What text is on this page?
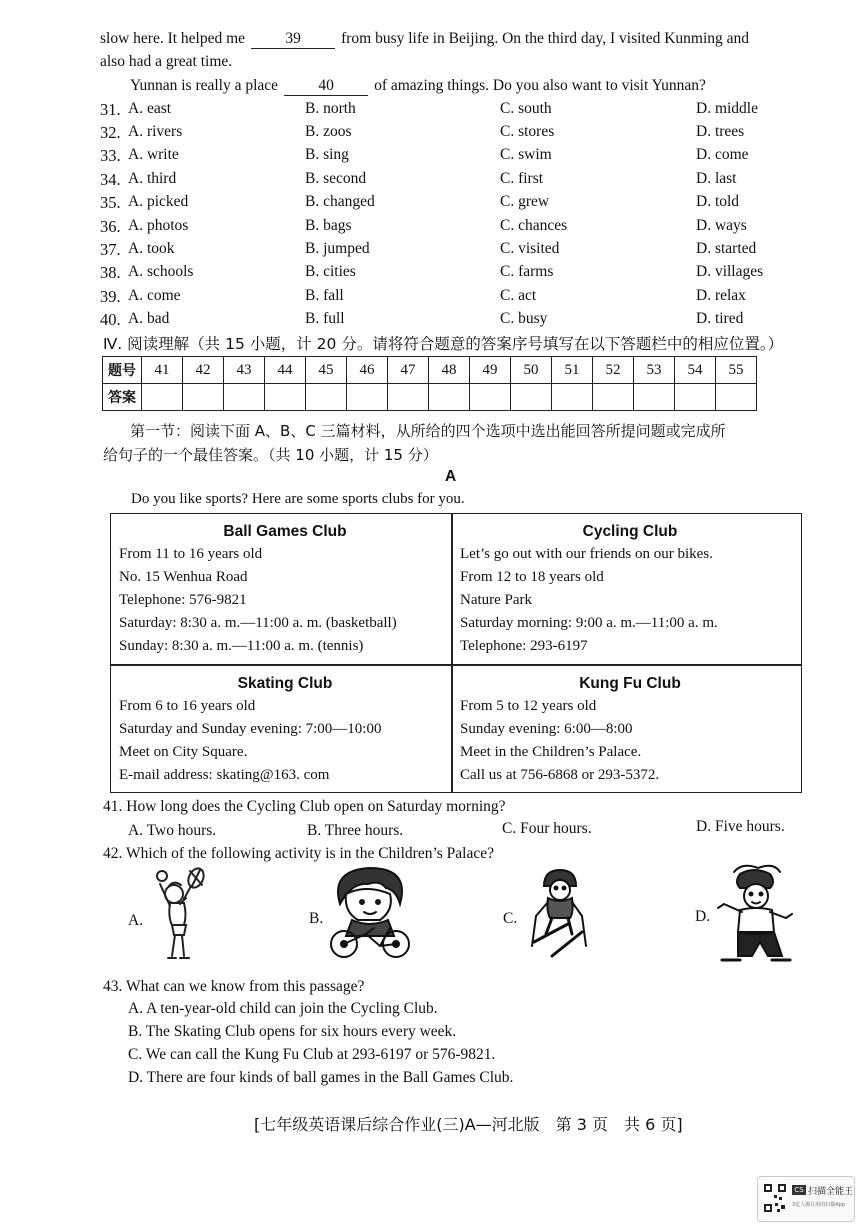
slow here. It helped me	39	from busy life in Beijing. On the third day, I visited Kunming and
also had a great time.
Yunnan is really a place	40	of amazing things. Do you also want to visit Yunnan?
31. A. east	B. north	C. south	D. middle
32. A. rivers	B. zoos	C. stores	D. trees
33. A. write	B. sing	C. swim	D. come
34. A. third	B. second	C. first	D. last
35. A. picked	B. changed	C. grew	D. told
36. A. photos	B. bags	C. chances	D. ways
37. A. took	B. jumped	C. visited	D. started
38. A. schools	B. cities	C. farms	D. villages
39. A. come	B. fall	C. act	D. relax
40. A. bad	B. full	C. busy	D. tired
Ⅳ. 阅读理解（共 15 小题，计 20 分。请将符合题意的答案序号填写在以下答题栏中的相应位置。）
题号	41	42	43	44	45	46	47	48	49	50	51	52	53	54	55
答案															
第一节：阅读下面 A、B、C 三篇材料，从所给的四个选项中选出能回答所提问题或完成所
给句子的一个最佳答案。（共 10 小题，计 15 分）
A
Do you like sports? Here are some sports clubs for you.
Ball Games Club
From 11 to 16 years old
No. 15 Wenhua Road
Telephone: 576-9821
Saturday: 8:30 a. m.—11:00 a. m. (basketball)
Sunday: 8:30 a. m.—11:00 a. m. (tennis)
Cycling Club
Let’s go out with our friends on our bikes.
From 12 to 18 years old
Nature Park
Saturday morning: 9:00 a. m.—11:00 a. m.
Telephone: 293-6197
Skating Club
From 6 to 16 years old
Saturday and Sunday evening: 7:00—10:00
Meet on City Square.
E-mail address: skating@163. com
Kung Fu Club
From 5 to 12 years old
Sunday evening: 6:00—8:00
Meet in the Children’s Palace.
Call us at 756-6868 or 293-5372.
41. How long does the Cycling Club open on Saturday morning?
A. Two hours.	B. Three hours.	C. Four hours.	D. Five hours.
42. Which of the following activity is in the Children’s Palace?
A.	B.	C.	D.
43. What can we know from this passage?
A. A ten-year-old child can join the Cycling Club.
B. The Skating Club opens for six hours every week.
C. We can call the Kung Fu Club at 293-6197 or 576-9821.
D. There are four kinds of ball games in the Ball Games Club.
[七年级英语课后综合作业(三)A—河北版　第 3 页　共 6 页]
CS 扫描全能王
3亿人都在用的扫描App
